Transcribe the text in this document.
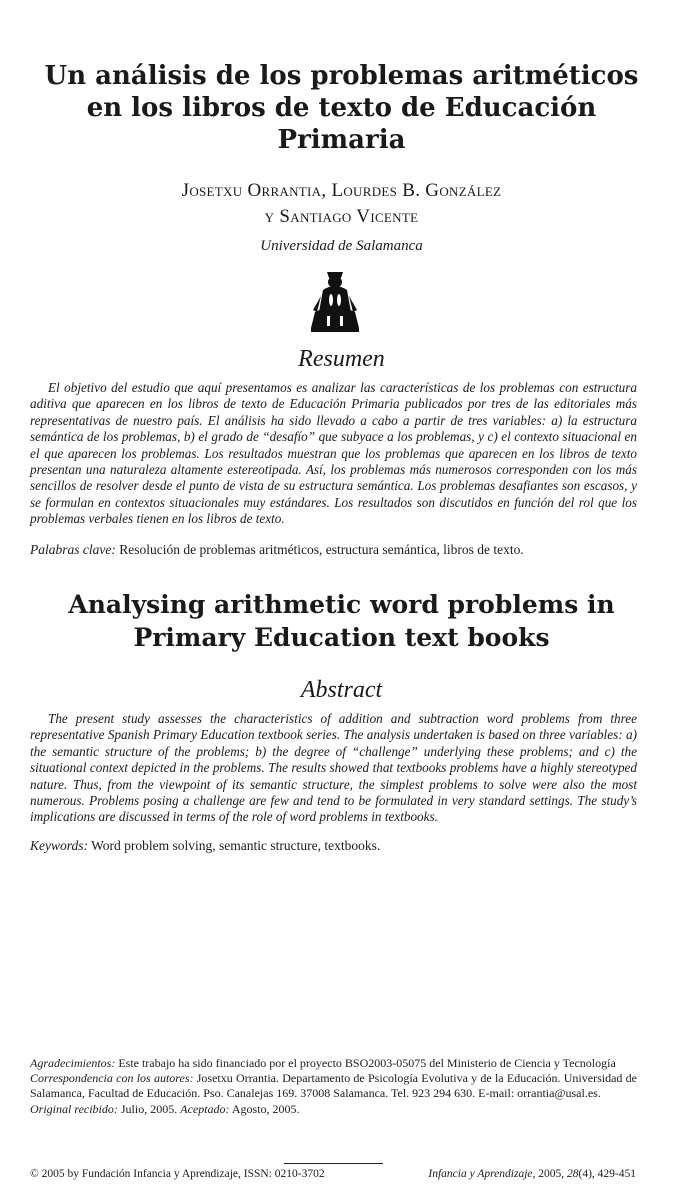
Un análisis de los problemas aritméticos
en los libros de texto de Educación
Primaria
Josetxu Orrantia, Lourdes B. González
y Santiago Vicente
Universidad de Salamanca
Resumen

El objetivo del estudio que aquí presentamos es analizar las características de los problemas con estructura aditiva que aparecen en los libros de texto de Educación Primaria publicados por tres de las editoriales más representativas de nuestro país. El análisis ha sido llevado a cabo a partir de tres variables: a) la estructura semántica de los problemas, b) el grado de “desafío” que subyace a los problemas, y c) el contexto situacional en el que aparecen los problemas. Los resultados muestran que los problemas que aparecen en los libros de texto presentan una naturaleza altamente estereotipada. Así, los problemas más numerosos corresponden con los más sencillos de resolver desde el punto de vista de su estructura semántica. Los problemas desafiantes son escasos, y se formulan en contextos situacionales muy estándares. Los resultados son discutidos en función del rol que los problemas verbales tienen en los libros de texto.

Palabras clave: Resolución de problemas aritméticos, estructura semántica, libros de texto.
Analysing arithmetic word problems in
Primary Education text books
Abstract

The present study assesses the characteristics of addition and subtraction word problems from three representative Spanish Primary Education textbook series. The analysis undertaken is based on three variables: a) the semantic structure of the problems; b) the degree of “challenge” underlying these problems; and c) the situational context depicted in the problems. The results showed that textbooks problems have a highly stereotyped nature. Thus, from the viewpoint of its semantic structure, the simplest problems to solve were also the most numerous. Problems posing a challenge are few and tend to be formulated in very standard settings. The study’s implications are discussed in terms of the role of word problems in textbooks.

Keywords: Word problem solving, semantic structure, textbooks.

Agradecimientos: Este trabajo ha sido financiado por el proyecto BSO2003-05075 del Ministerio de Ciencia y Tecnología

Correspondencia con los autores: Josetxu Orrantia. Departamento de Psicología Evolutiva y de la Educación. Universidad de Salamanca, Facultad de Educación. Pso. Canalejas 169. 37008 Salamanca. Tel. 923 294 630. E-mail: orrantia@usal.es.

Original recibido: Julio, 2005. Aceptado: Agosto, 2005.

© 2005 by Fundación Infancia y Aprendizaje, ISSN: 0210-3702	Infancia y Aprendizaje, 2005, 28(4), 429-451
